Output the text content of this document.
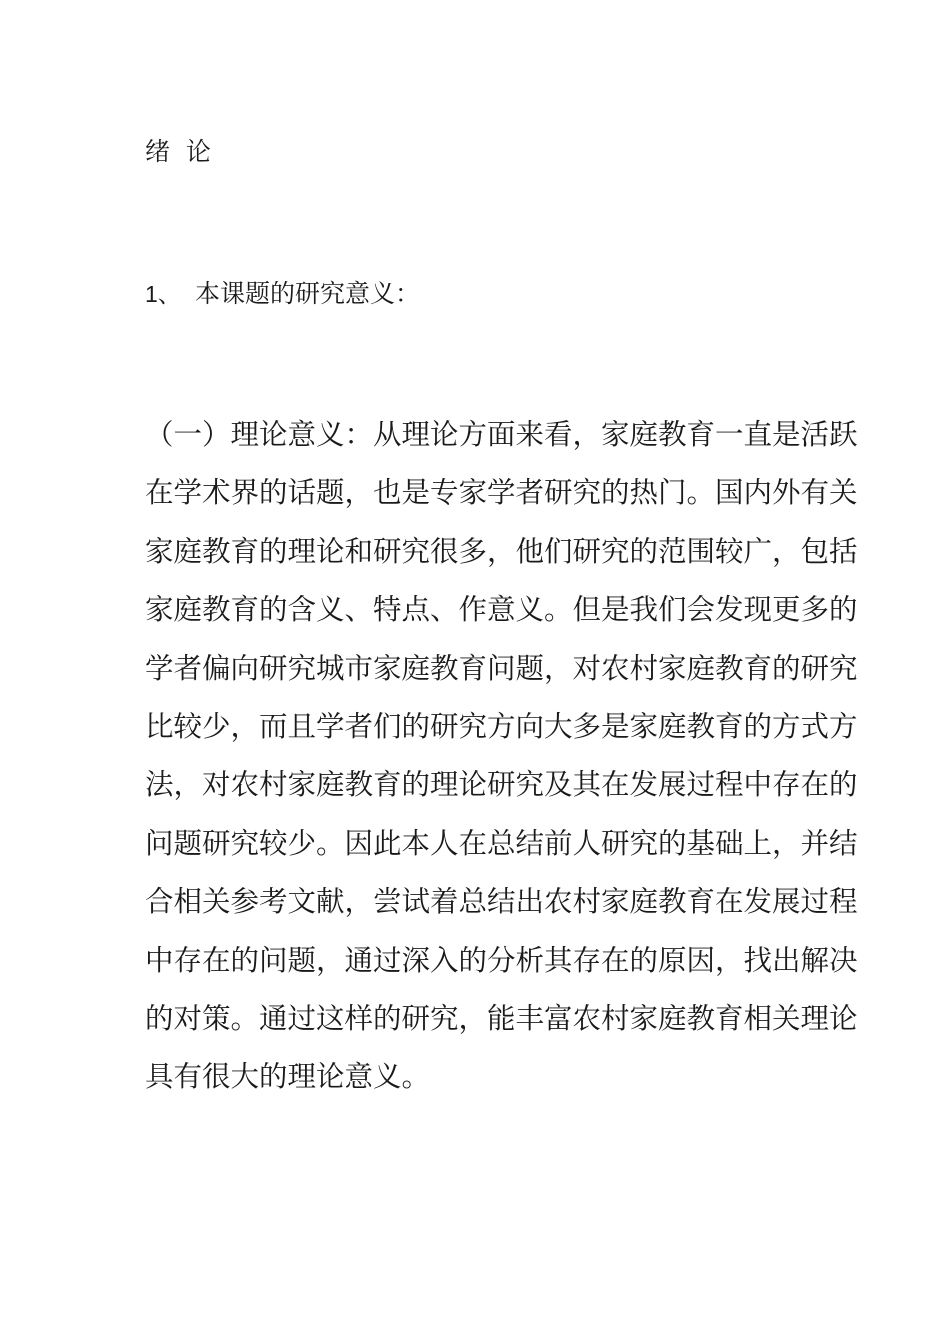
绪  论
1、 本课题的研究意义：
（一）理论意义：从理论方面来看，家庭教育一直是活跃
在学术界的话题，也是专家学者研究的热门。国内外有关
家庭教育的理论和研究很多，他们研究的范围较广，包括
家庭教育的含义、特点、作意义。但是我们会发现更多的
学者偏向研究城市家庭教育问题，对农村家庭教育的研究
比较少，而且学者们的研究方向大多是家庭教育的方式方
法，对农村家庭教育的理论研究及其在发展过程中存在的
问题研究较少。因此本人在总结前人研究的基础上，并结
合相关参考文献，尝试着总结出农村家庭教育在发展过程
中存在的问题，通过深入的分析其存在的原因，找出解决
的对策。通过这样的研究，能丰富农村家庭教育相关理论
具有很大的理论意义。
